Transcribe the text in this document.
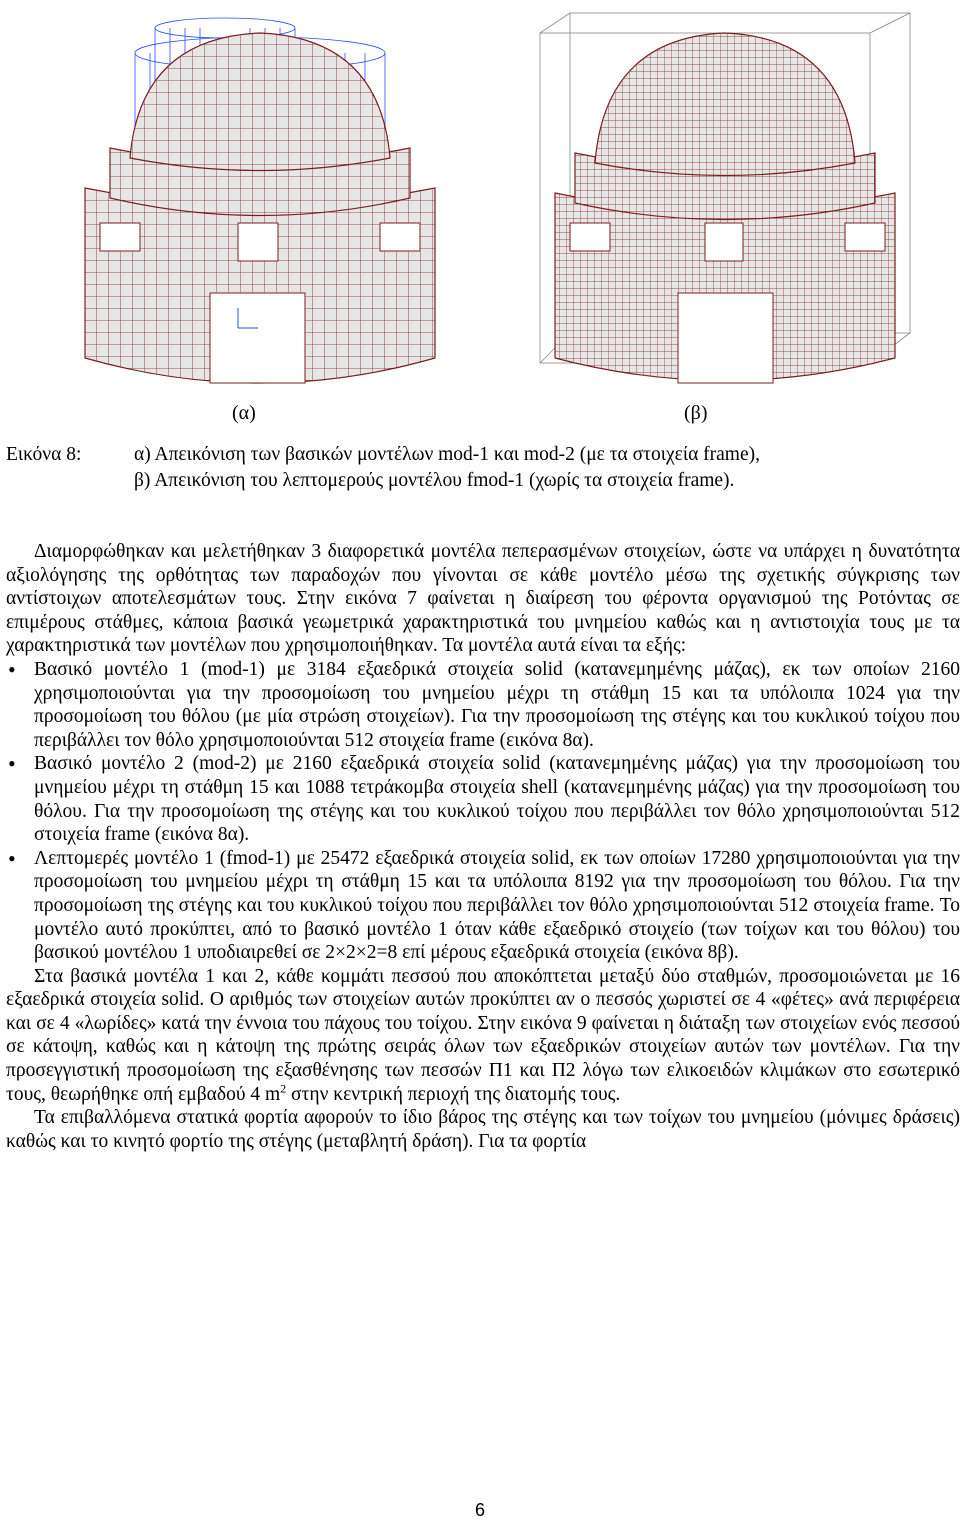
(α)	(β)
Εικόνα 8:	α) Απεικόνιση των βασικών μοντέλων mod-1 και mod-2 (με τα στοιχεία frame),
β) Απεικόνιση του λεπτομερούς μοντέλου fmod-1 (χωρίς τα στοιχεία frame).

Διαμορφώθηκαν και μελετήθηκαν 3 διαφορετικά μοντέλα πεπερασμένων στοιχείων, ώστε να υπάρχει η δυνατότητα αξιολόγησης της ορθότητας των παραδοχών που γίνονται σε κάθε μοντέλο μέσω της σχετικής σύγκρισης των αντίστοιχων αποτελεσμάτων τους. Στην εικόνα 7 φαίνεται η διαίρεση του φέροντα οργανισμού της Ροτόντας σε επιμέρους στάθμες, κάποια βασικά γεωμετρικά χαρακτηριστικά του μνημείου καθώς και η αντιστοιχία τους με τα χαρακτηριστικά των μοντέλων που χρησιμοποιήθηκαν. Τα μοντέλα αυτά είναι τα εξής:

• Βασικό μοντέλο 1 (mod-1) με 3184 εξαεδρικά στοιχεία solid (κατανεμημένης μάζας), εκ των οποίων 2160 χρησιμοποιούνται για την προσομοίωση του μνημείου μέχρι τη στάθμη 15 και τα υπόλοιπα 1024 για την προσομοίωση του θόλου (με μία στρώση στοιχείων). Για την προσομοίωση της στέγης και του κυκλικού τοίχου που περιβάλλει τον θόλο χρησιμοποιούνται 512 στοιχεία frame (εικόνα 8α).
• Βασικό μοντέλο 2 (mod-2) με 2160 εξαεδρικά στοιχεία solid (κατανεμημένης μάζας) για την προσομοίωση του μνημείου μέχρι τη στάθμη 15 και 1088 τετράκομβα στοιχεία shell (κατανεμημένης μάζας) για την προσομοίωση του θόλου. Για την προσομοίωση της στέγης και του κυκλικού τοίχου που περιβάλλει τον θόλο χρησιμοποιούνται 512 στοιχεία frame (εικόνα 8α).
• Λεπτομερές μοντέλο 1 (fmod-1) με 25472 εξαεδρικά στοιχεία solid, εκ των οποίων 17280 χρησιμοποιούνται για την προσομοίωση του μνημείου μέχρι τη στάθμη 15 και τα υπόλοιπα 8192 για την προσομοίωση του θόλου. Για την προσομοίωση της στέγης και του κυκλικού τοίχου που περιβάλλει τον θόλο χρησιμοποιούνται 512 στοιχεία frame. Το μοντέλο αυτό προκύπτει, από το βασικό μοντέλο 1 όταν κάθε εξαεδρικό στοιχείο (των τοίχων και του θόλου) του βασικού μοντέλου 1 υποδιαιρεθεί σε 2×2×2=8 επί μέρους εξαεδρικά στοιχεία (εικόνα 8β).

Στα βασικά μοντέλα 1 και 2, κάθε κομμάτι πεσσού που αποκόπτεται μεταξύ δύο σταθμών, προσομοιώνεται με 16 εξαεδρικά στοιχεία solid. Ο αριθμός των στοιχείων αυτών προκύπτει αν ο πεσσός χωριστεί σε 4 «φέτες» ανά περιφέρεια και σε 4 «λωρίδες» κατά την έννοια του πάχους του τοίχου. Στην εικόνα 9 φαίνεται η διάταξη των στοιχείων ενός πεσσού σε κάτοψη, καθώς και η κάτοψη της πρώτης σειράς όλων των εξαεδρικών στοιχείων αυτών των μοντέλων. Για την προσεγγιστική προσομοίωση της εξασθένησης των πεσσών Π1 και Π2 λόγω των ελικοειδών κλιμάκων στο εσωτερικό τους, θεωρήθηκε οπή εμβαδού 4 $m^2$ στην κεντρική περιοχή της διατομής τους.

Τα επιβαλλόμενα στατικά φορτία αφορούν το ίδιο βάρος της στέγης και των τοίχων του μνημείου (μόνιμες δράσεις) καθώς και το κινητό φορτίο της στέγης (μεταβλητή δράση). Για τα φορτία

6
